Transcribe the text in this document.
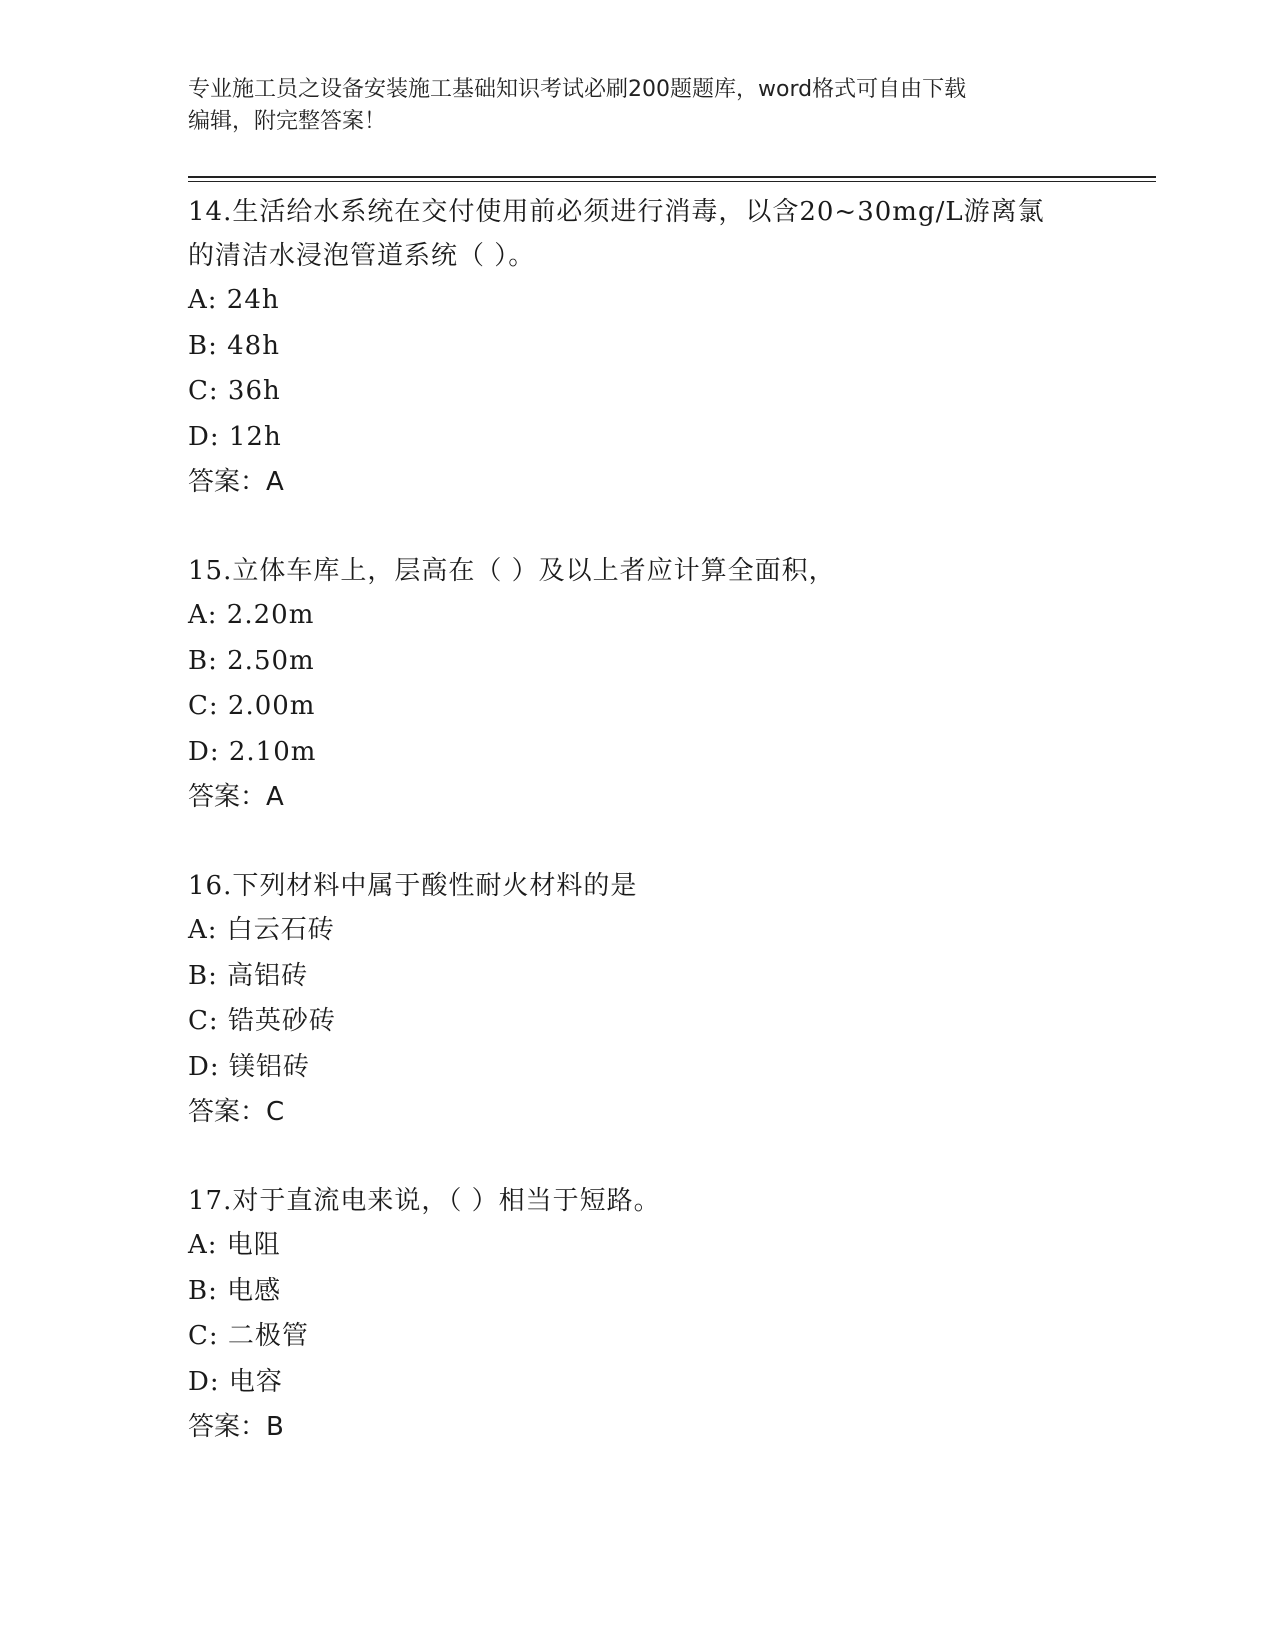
专业施工员之设备安装施工基础知识考试必刷200题题库，word格式可自由下载
编辑，附完整答案！

14.生活给水系统在交付使用前必须进行消毒，以含20~30mg/L游离氯

的清洁水浸泡管道系统（ ）。

A: 24h

B: 48h

C: 36h

D: 12h

答案：A

15.立体车库上，层高在（ ）及以上者应计算全面积，

A: 2.20m

B: 2.50m

C: 2.00m

D: 2.10m

答案：A

16.下列材料中属于酸性耐火材料的是

A: 白云石砖

B: 高铝砖

C: 锆英砂砖

D: 镁铝砖

答案：C

17.对于直流电来说，（ ）相当于短路。

A: 电阻

B: 电感

C: 二极管

D: 电容

答案：B
